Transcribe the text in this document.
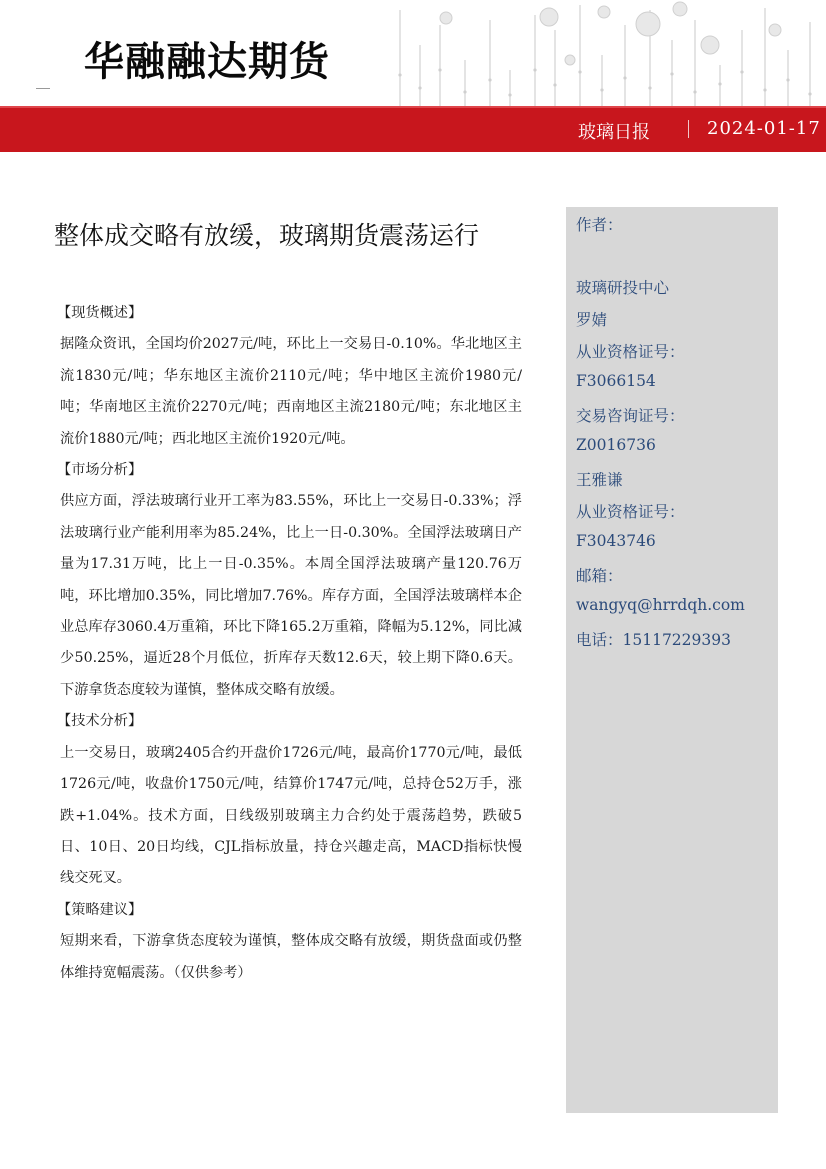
华融融达期货
玻璃日报	2024-01-17
整体成交略有放缓，玻璃期货震荡运行

【现货概述】

据隆众资讯，全国均价2027元/吨，环比上一交易日-0.10%。华北地区主流1830元/吨；华东地区主流价2110元/吨；华中地区主流价1980元/吨；华南地区主流价2270元/吨；西南地区主流2180元/吨；东北地区主流价1880元/吨；西北地区主流价1920元/吨。

【市场分析】

供应方面，浮法玻璃行业开工率为83.55%，环比上一交易日-0.33%；浮法玻璃行业产能利用率为85.24%，比上一日-0.30%。全国浮法玻璃日产量为17.31万吨，比上一日-0.35%。本周全国浮法玻璃产量120.76万吨，环比增加0.35%，同比增加7.76%。库存方面，全国浮法玻璃样本企业总库存3060.4万重箱，环比下降165.2万重箱，降幅为5.12%，同比减少50.25%，逼近28个月低位，折库存天数12.6天，较上期下降0.6天。下游拿货态度较为谨慎，整体成交略有放缓。

【技术分析】

上一交易日，玻璃2405合约开盘价1726元/吨，最高价1770元/吨，最低1726元/吨，收盘价1750元/吨，结算价1747元/吨，总持仓52万手，涨跌+1.04%。技术方面，日线级别玻璃主力合约处于震荡趋势，跌破5日、10日、20日均线，CJL指标放量，持仓兴趣走高，MACD指标快慢线交死叉。

【策略建议】

短期来看，下游拿货态度较为谨慎，整体成交略有放缓，期货盘面或仍整体维持宽幅震荡。（仅供参考）

作者：
玻璃研投中心
罗婧
从业资格证号：
F3066154
交易咨询证号：
Z0016736
王雅谦
从业资格证号：
F3043746
邮箱：
wangyq@hrrdqh.com
电话：15117229393
